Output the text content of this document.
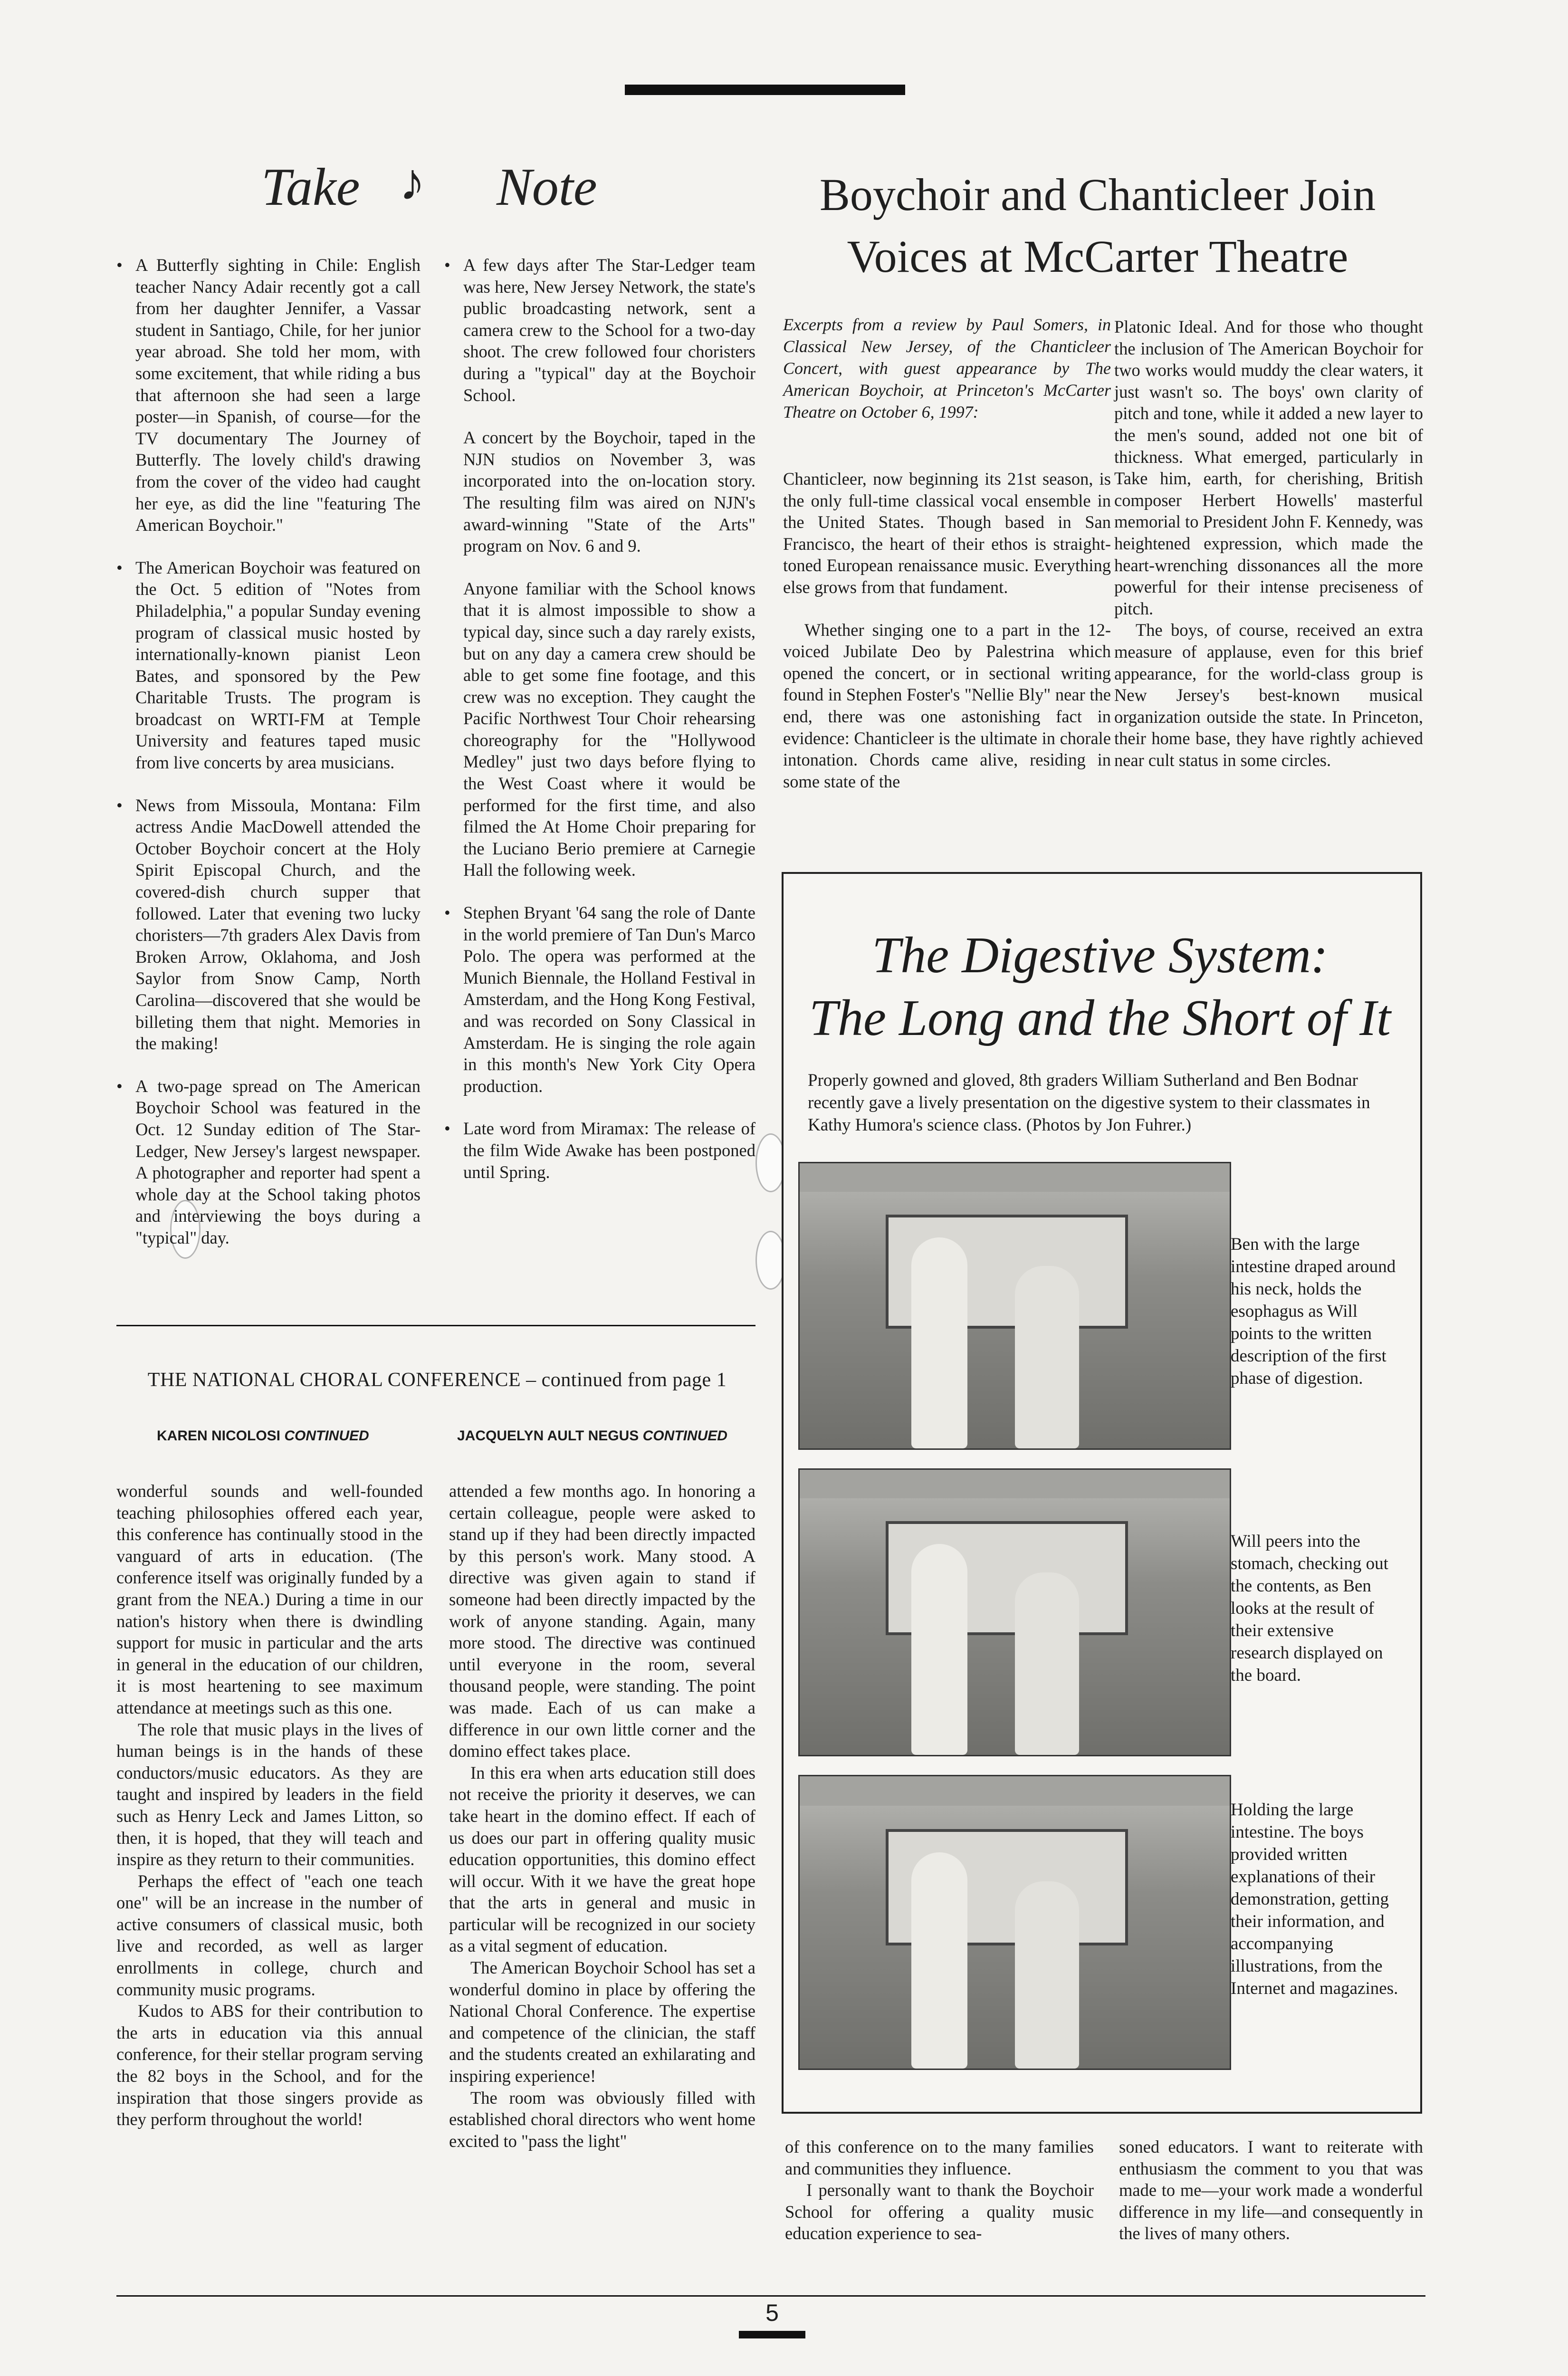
5
Take ♪ Note

• A Butterfly sighting in Chile: English teacher Nancy Adair recently got a call from her daughter Jennifer, a Vassar student in Santiago, Chile, for her junior year abroad. She told her mom, with some excitement, that while riding a bus that afternoon she had seen a large poster—in Spanish, of course—for the TV documentary The Journey of Butterfly. The lovely child's drawing from the cover of the video had caught her eye, as did the line "featuring The American Boychoir."

• The American Boychoir was featured on the Oct. 5 edition of "Notes from Philadelphia," a popular Sunday evening program of classical music hosted by internationally-known pianist Leon Bates, and sponsored by the Pew Charitable Trusts. The program is broadcast on WRTI-FM at Temple University and features taped music from live concerts by area musicians.

• News from Missoula, Montana: Film actress Andie MacDowell attended the October Boychoir concert at the Holy Spirit Episcopal Church, and the covered-dish church supper that followed. Later that evening two lucky choristers—7th graders Alex Davis from Broken Arrow, Oklahoma, and Josh Saylor from Snow Camp, North Carolina—discovered that she would be billeting them that night. Memories in the making!

• A two-page spread on The American Boychoir School was featured in the Oct. 12 Sunday edition of The Star-Ledger, New Jersey's largest newspaper. A photographer and reporter had spent a whole day at the School taking photos and interviewing the boys during a "typical" day.

• A few days after The Star-Ledger team was here, New Jersey Network, the state's public broadcasting network, sent a camera crew to the School for a two-day shoot. The crew followed four choristers during a "typical" day at the Boychoir School.

A concert by the Boychoir, taped in the NJN studios on November 3, was incorporated into the on-location story. The resulting film was aired on NJN's award-winning "State of the Arts" program on Nov. 6 and 9.

Anyone familiar with the School knows that it is almost impossible to show a typical day, since such a day rarely exists, but on any day a camera crew should be able to get some fine footage, and this crew was no exception. They caught the Pacific Northwest Tour Choir rehearsing choreography for the "Hollywood Medley" just two days before flying to the West Coast where it would be performed for the first time, and also filmed the At Home Choir preparing for the Luciano Berio premiere at Carnegie Hall the following week.

• Stephen Bryant '64 sang the role of Dante in the world premiere of Tan Dun's Marco Polo. The opera was performed at the Munich Biennale, the Holland Festival in Amsterdam, and the Hong Kong Festival, and was recorded on Sony Classical in Amsterdam. He is singing the role again in this month's New York City Opera production.

• Late word from Miramax: The release of the film Wide Awake has been postponed until Spring.

Boychoir and Chanticleer Join Voices at McCarter Theatre
Excerpts from a review by Paul Somers, in Classical New Jersey, of the Chanticleer Concert, with guest appearance by The American Boychoir, at Princeton's McCarter Theatre on October 6, 1997:

Chanticleer, now beginning its 21st season, is the only full-time classical vocal ensemble in the United States. Though based in San Francisco, the heart of their ethos is straight-toned European renaissance music. Everything else grows from that fundament.

Whether singing one to a part in the 12-voiced Jubilate Deo by Palestrina which opened the concert, or in sectional writing found in Stephen Foster's "Nellie Bly" near the end, there was one astonishing fact in evidence: Chanticleer is the ultimate in chorale intonation. Chords came alive, residing in some state of the

Platonic Ideal. And for those who thought the inclusion of The American Boychoir for two works would muddy the clear waters, it just wasn't so. The boys' own clarity of pitch and tone, while it added a new layer to the men's sound, added not one bit of thickness. What emerged, particularly in Take him, earth, for cherishing, British composer Herbert Howells' masterful memorial to President John F. Kennedy, was heightened expression, which made the heart-wrenching dissonances all the more powerful for their intense preciseness of pitch.

The boys, of course, received an extra measure of applause, even for this brief appearance, for the world-class group is New Jersey's best-known musical organization outside the state. In Princeton, their home base, they have rightly achieved near cult status in some circles.

THE NATIONAL CHORAL CONFERENCE – continued from page 1
KAREN NICOLOSI CONTINUED	JACQUELYN AULT NEGUS CONTINUED

wonderful sounds and well-founded teaching philosophies offered each year, this conference has continually stood in the vanguard of arts in education. (The conference itself was originally funded by a grant from the NEA.) During a time in our nation's history when there is dwindling support for music in particular and the arts in general in the education of our children, it is most heartening to see maximum attendance at meetings such as this one.

The role that music plays in the lives of human beings is in the hands of these conductors/music educators. As they are taught and inspired by leaders in the field such as Henry Leck and James Litton, so then, it is hoped, that they will teach and inspire as they return to their communities.

Perhaps the effect of "each one teach one" will be an increase in the number of active consumers of classical music, both live and recorded, as well as larger enrollments in college, church and community music programs.

Kudos to ABS for their contribution to the arts in education via this annual conference, for their stellar program serving the 82 boys in the School, and for the inspiration that those singers provide as they perform throughout the world!

attended a few months ago. In honoring a certain colleague, people were asked to stand up if they had been directly impacted by this person's work. Many stood. A directive was given again to stand if someone had been directly impacted by the work of anyone standing. Again, many more stood. The directive was continued until everyone in the room, several thousand people, were standing. The point was made. Each of us can make a difference in our own little corner and the domino effect takes place.

In this era when arts education still does not receive the priority it deserves, we can take heart in the domino effect. If each of us does our part in offering quality music education opportunities, this domino effect will occur. With it we have the great hope that the arts in general and music in particular will be recognized in our society as a vital segment of education.

The American Boychoir School has set a wonderful domino in place by offering the National Choral Conference. The expertise and competence of the clinician, the staff and the students created an exhilarating and inspiring experience!

The room was obviously filled with established choral directors who went home excited to "pass the light"	of this conference on to the many families and communities they influence.

I personally want to thank the Boychoir School for offering a quality music education experience to sea-

soned educators. I want to reiterate with enthusiasm the comment to you that was made to me—your work made a wonderful difference in my life—and consequently in the lives of many others.

The Digestive System:
The Long and the Short of It
Properly gowned and gloved, 8th graders William Sutherland and Ben Bodnar recently gave a lively presentation on the digestive system to their classmates in Kathy Humora's science class. (Photos by Jon Fuhrer.)
Ben with the large intestine draped around his neck, holds the esophagus as Will points to the written description of the first phase of digestion.
Will peers into the stomach, checking out the contents, as Ben looks at the result of their extensive research displayed on the board.
Holding the large intestine. The boys provided written explanations of their demonstration, getting their information, and accompanying illustrations, from the Internet and magazines.
